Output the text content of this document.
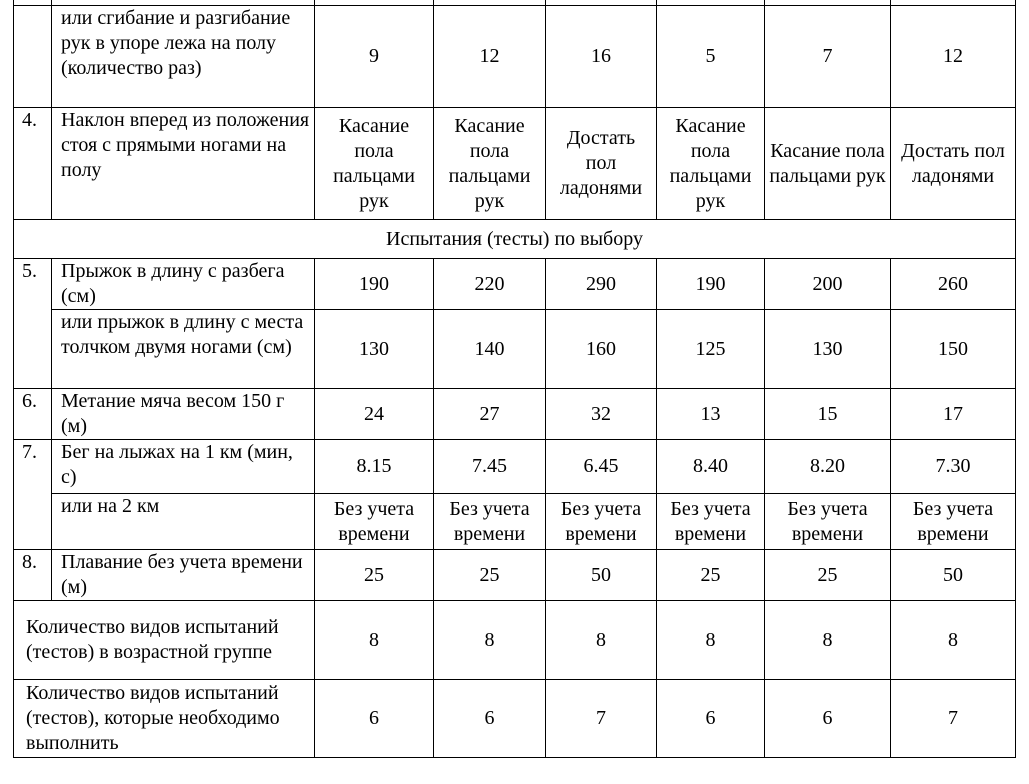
	или сгибание и разгибание рук в упоре лежа на полу (количество раз)	9	12	16	5	7	12
4.	Наклон вперед из положения стоя с прямыми ногами на полу	Касание пола пальцами рук	Касание пола пальцами рук	Достать пол ладонями	Касание пола пальцами рук	Касание пола пальцами рук	Достать пол ладонями
Испытания (тесты) по выбору							
5.	Прыжок в длину с разбега (см)	190	220	290	190	200	260
	или прыжок в длину с места толчком двумя ногами (см)	130	140	160	125	130	150
6.	Метание мяча весом 150 г (м)	24	27	32	13	15	17
7.	Бег на лыжах на 1 км (мин, с)	8.15	7.45	6.45	8.40	8.20	7.30
	или на 2 км	Без учета времени	Без учета времени	Без учета времени	Без учета времени	Без учета времени	Без учета времени
8.	Плавание без учета времени (м)	25	25	50	25	25	50
Количество видов испытаний (тестов) в возрастной группе		8	8	8	8	8	8
Количество видов испытаний (тестов), которые необходимо выполнить		6	6	7	6	6	7
